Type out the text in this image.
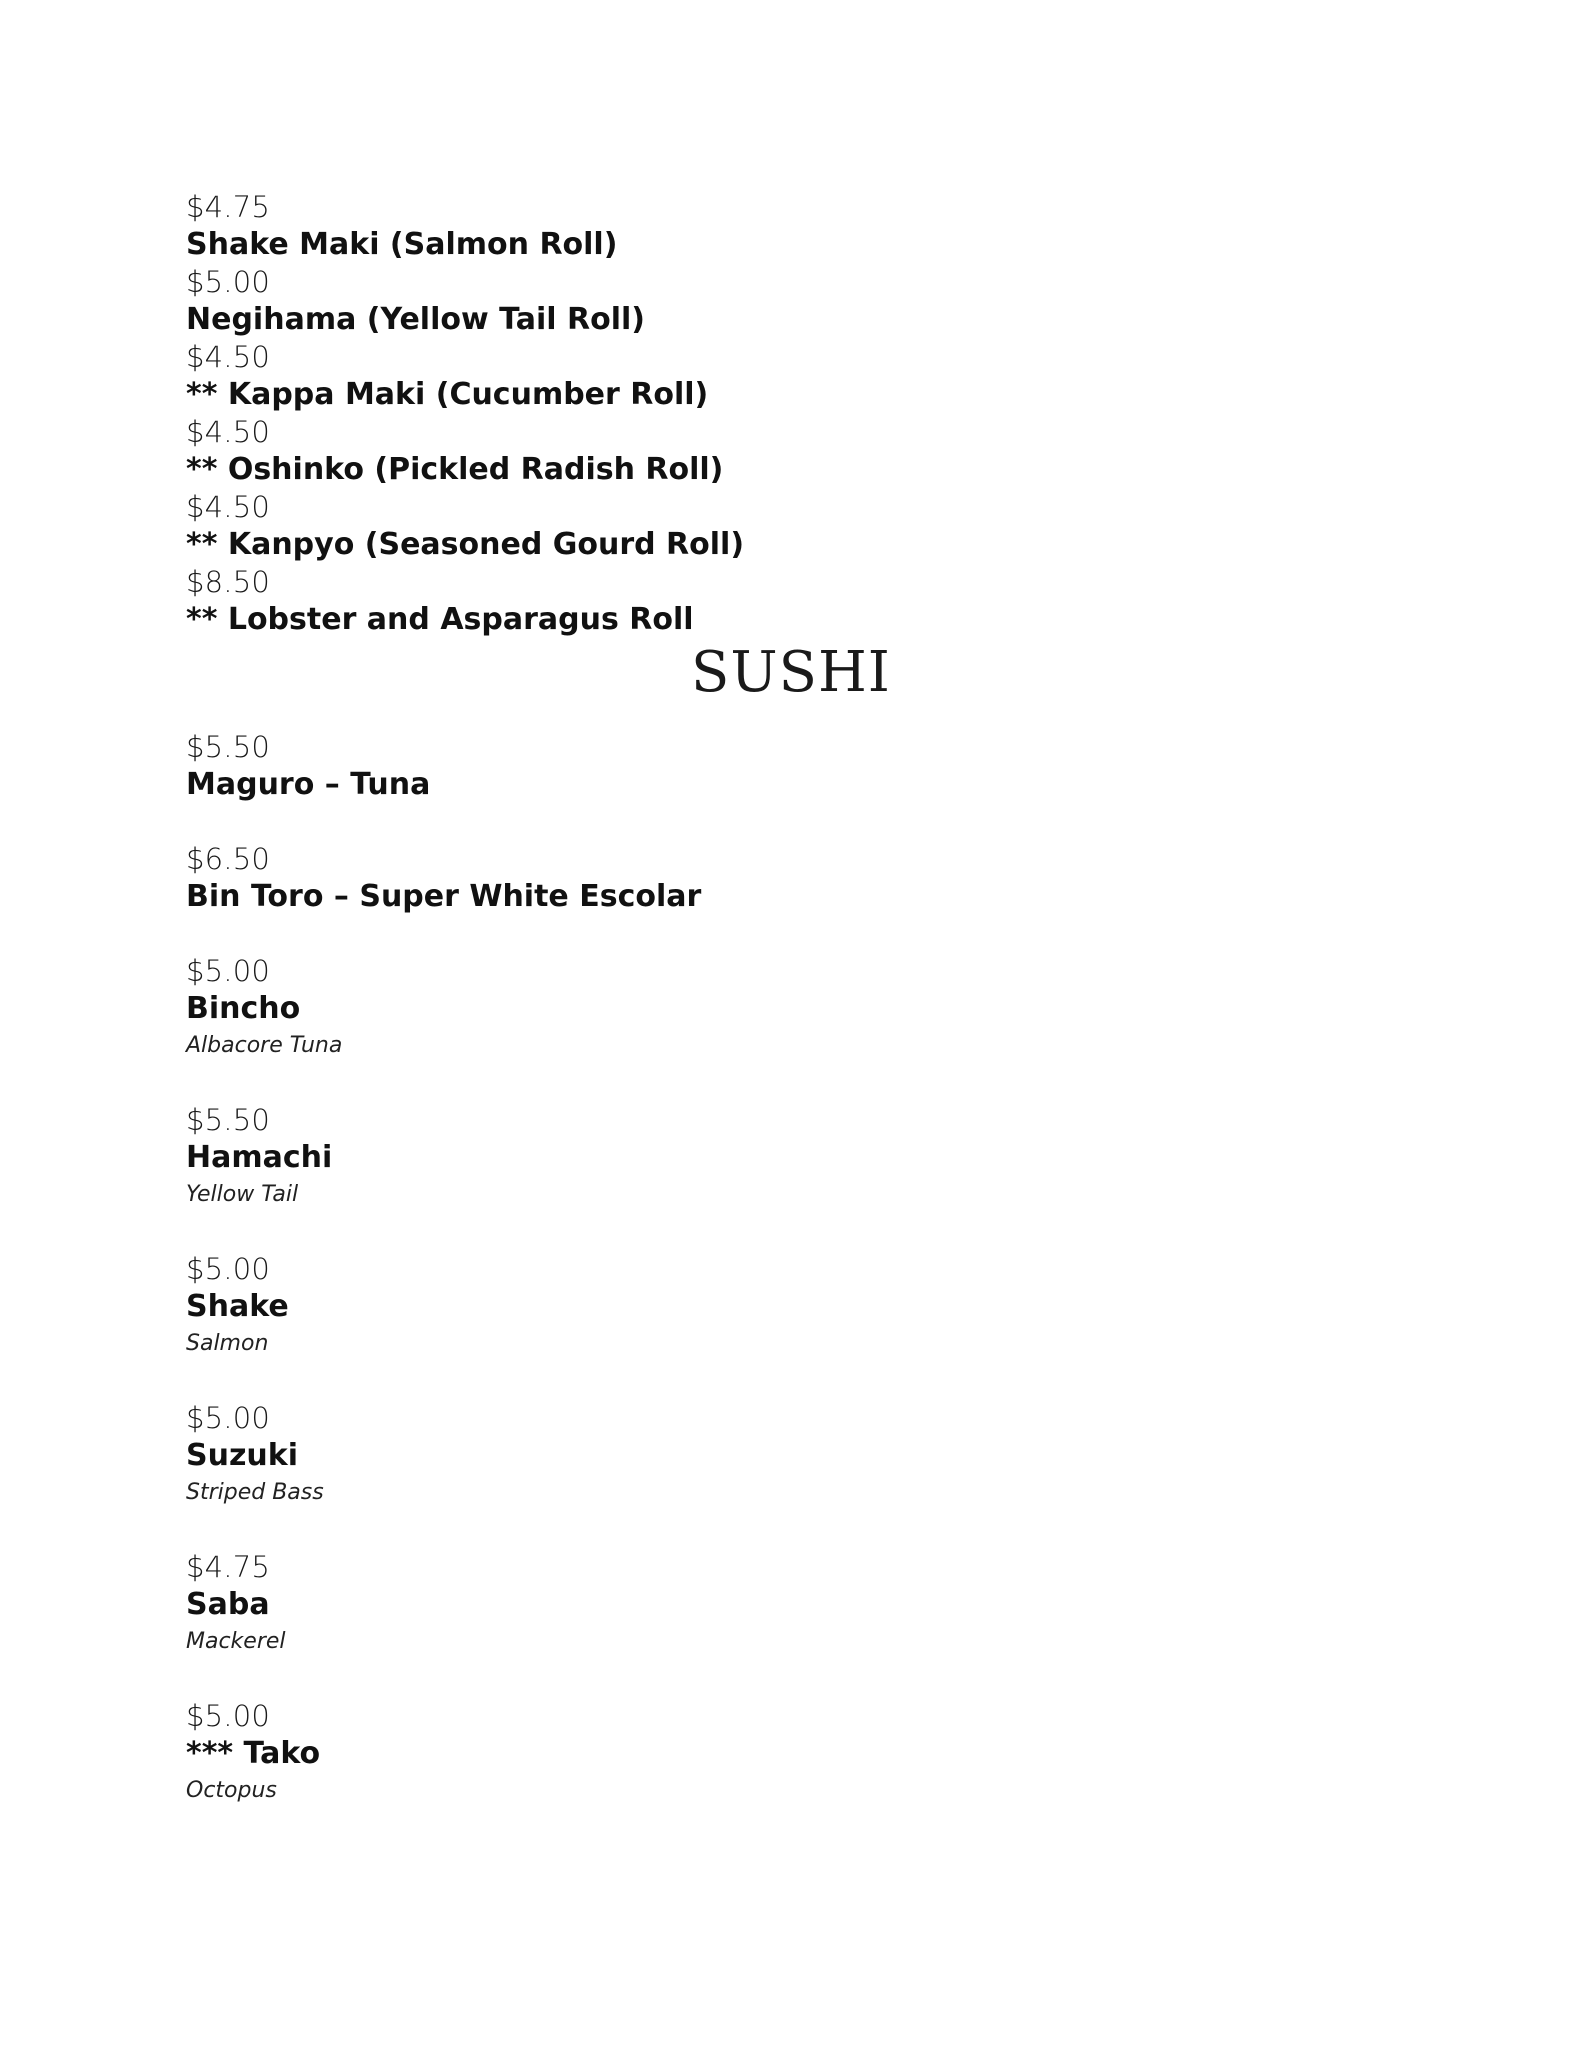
$4.75
Shake Maki (Salmon Roll)
$5.00
Negihama (Yellow Tail Roll)
$4.50
** Kappa Maki (Cucumber Roll)
$4.50
** Oshinko (Pickled Radish Roll)
$4.50
** Kanpyo (Seasoned Gourd Roll)
$8.50
** Lobster and Asparagus Roll
SUSHI
$5.50
Maguro – Tuna
$6.50
Bin Toro – Super White Escolar
$5.00
Bincho
Albacore Tuna
$5.50
Hamachi
Yellow Tail
$5.00
Shake
Salmon
$5.00
Suzuki
Striped Bass
$4.75
Saba
Mackerel
$5.00
*** Tako
Octopus
